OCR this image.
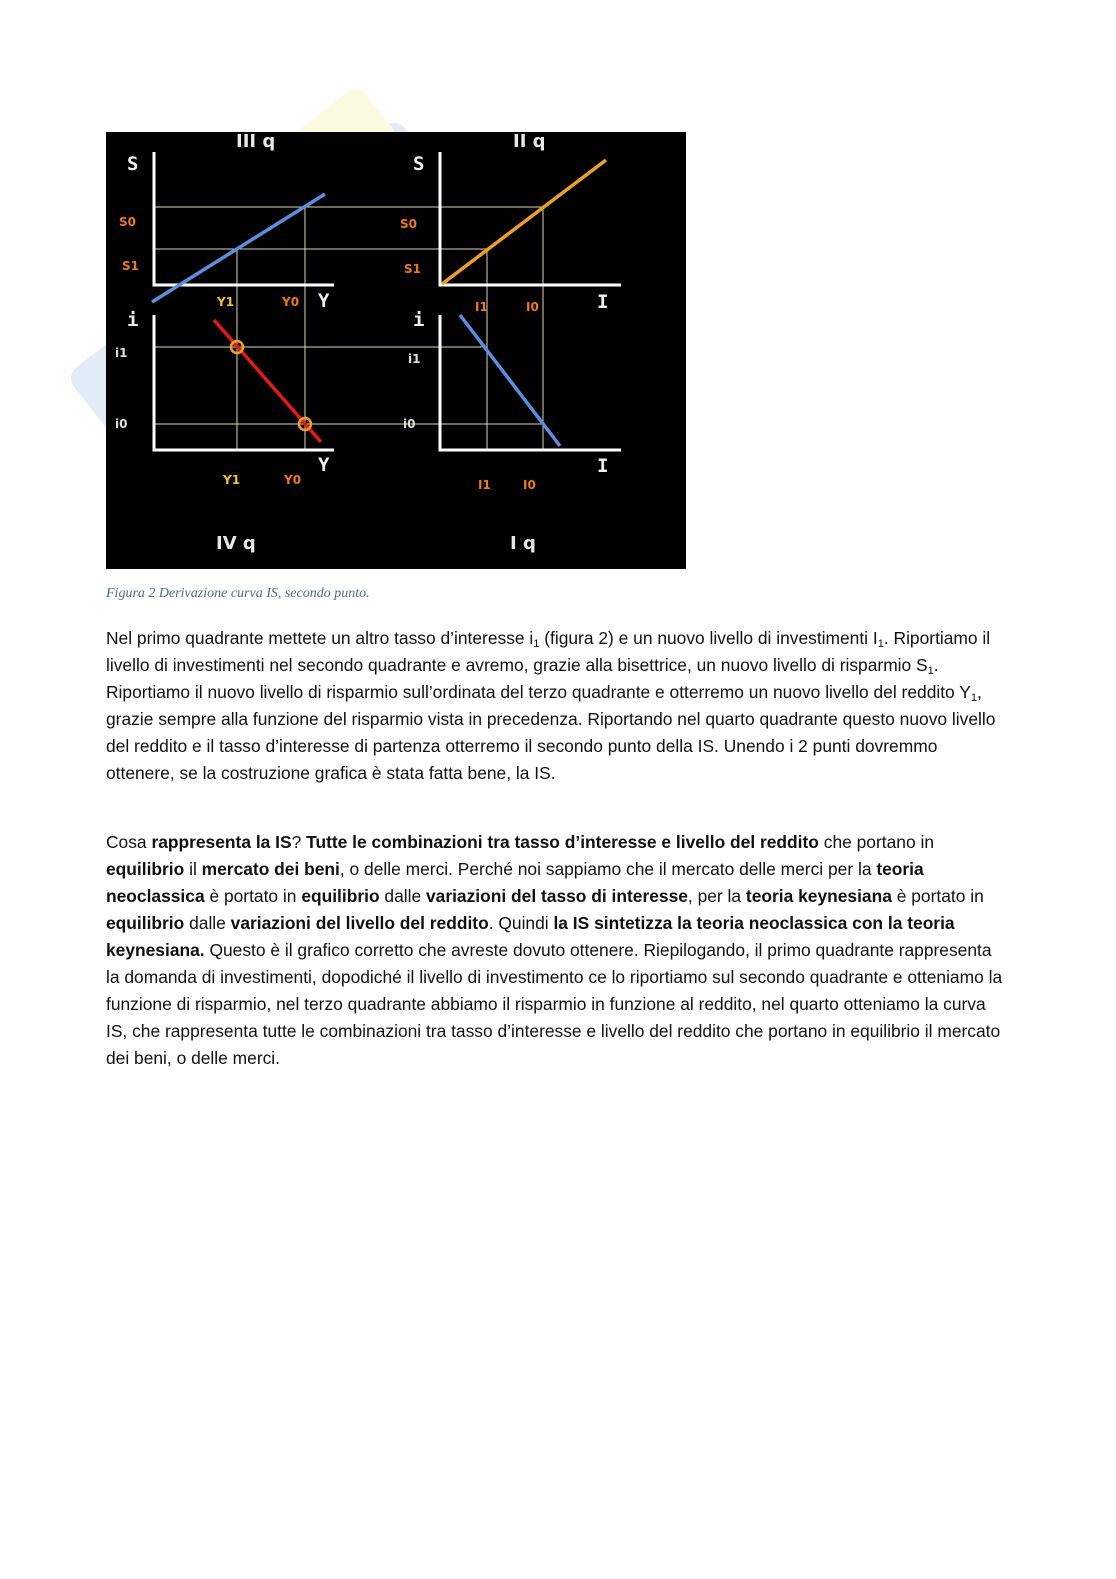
III q	II q
IV q	I q
S	S
Y
Y
I
I
i	i
S0
S1
S0
S1
Y1	Y0
Y1	Y0
I1	I0
I1	I0
i1
i0
i1
i0
Figura 2 Derivazione curva IS, secondo punto.

Nel primo quadrante mettete un altro tasso d’interesse $i_1$ (figura 2) e un nuovo livello di investimenti $I_1$. Riportiamo il livello di investimenti nel secondo quadrante e avremo, grazie alla bisettrice, un nuovo livello di risparmio $S_1$. Riportiamo il nuovo livello di risparmio sull’ordinata del terzo quadrante e otterremo un nuovo livello del reddito $Y_1$, grazie sempre alla funzione del risparmio vista in precedenza. Riportando nel quarto quadrante questo nuovo livello del reddito e il tasso d’interesse di partenza otterremo il secondo punto della IS. Unendo i 2 punti dovremmo ottenere, se la costruzione grafica è stata fatta bene, la IS.

Cosa rappresenta la IS? Tutte le combinazioni tra tasso d’interesse e livello del reddito che portano in equilibrio il mercato dei beni, o delle merci. Perché noi sappiamo che il mercato delle merci per la teoria neoclassica è portato in equilibrio dalle variazioni del tasso di interesse, per la teoria keynesiana è portato in equilibrio dalle variazioni del livello del reddito. Quindi la IS sintetizza la teoria neoclassica con la teoria keynesiana. Questo è il grafico corretto che avreste dovuto ottenere. Riepilogando, il primo quadrante rappresenta la domanda di investimenti, dopodiché il livello di investimento ce lo riportiamo sul secondo quadrante e otteniamo la funzione di risparmio, nel terzo quadrante abbiamo il risparmio in funzione al reddito, nel quarto otteniamo la curva IS, che rappresenta tutte le combinazioni tra tasso d’interesse e livello del reddito che portano in equilibrio il mercato dei beni, o delle merci.
